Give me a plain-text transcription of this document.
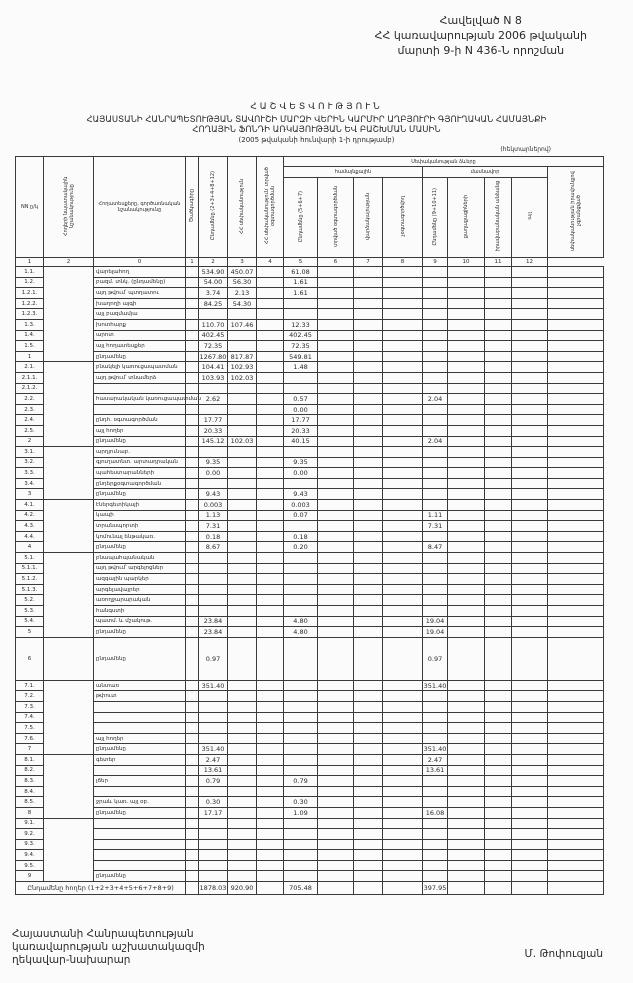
Հավելված N 8
ՀՀ կառավարության 2006 թվականի
մարտի 9-ի N 436-Ն որոշման
ՀԱՇՎԵՏՎՈՒԹՅՈՒՆ
ՀԱՅԱՍՏԱՆԻ ՀԱՆՐԱՊԵՏՈՒԹՅԱՆ ՏԱՎՈՒՇԻ ՄԱՐԶԻ ՎԵՐԻՆ ԿԱՐՄԻՐ ԱՂԲՅՈՒՐԻ ԳՅՈՒՂԱԿԱՆ ՀԱՄԱՅՆՔԻ
ՀՈՂԱՅԻՆ ՖՈՆԴԻ ԱՌԿԱՅՈՒԹՅԱՆ ԵՎ ԲԱՇԽՄԱՆ ՄԱՍԻՆ
(2005 թվականի հունվարի 1-ի դրությամբ)
(հեկտարներով)
NN ը/կ	Հողերի նպատակային նշանակությունը	Հողատեսքերը, գործառնական նշանակությունը	Ծածկագիրը	Ընդամենը (2+3+4+8+12)	ՀՀ սեփականություն	ՀՀ սեփականություն՝ տրված օգտագործման	Սեփականության ձևերը								
							համայնքային				մասնավոր				սեփականության իրավունքով չգրանցված
							Ընդամենը (5+6+7)	տրված օգտագործման	վարձակալության	չօգտագործվող	Ընդամենը (9+10+11)	քաղաքացիների	իրավաբանական անձանց	այլ	
1	2	0	1	2	3	4	5	6	7	8	9	10	11	12	
1.1.		վարելահող		534.90	450.07		61.08								
1.2.		բազմ. տնկ. (ընդամենը)		54.00	56.30		1.61								
1.2.1.		այդ թվում՝ պտղատու		3.74	2.13		1.61								
1.2.2.		խաղողի այգի		84.25	54.30										
1.2.3.		այլ բազմամյա													
1.3.		խոտհարք		110.70	107.46		12.33								
1.4.		արոտ		402.45			402.45								
1.5.		այլ հողատեսքեր		72.35			72.35								
1		ընդամենը		1267.80	817.87		549.81								
2.1.		բնակելի կառուցապատման		104.41	102.93		1.48								
2.1.1.		այդ թվում՝ տնամերձ		103.93	102.03										
2.1.2.															
2.2.		հասարակական կառուցապատման		2.62			0.57				2.04				
2.3.							0.00								
2.4.		ընդհ. օգտագործման		17.77			17.77								
2.5.		այլ հողեր		20.33			20.33								
2		ընդամենը		145.12	102.03		40.15				2.04				
3.1.		արդյունաբ.													
3.2.		գյուղատնտ. արտադրական		9.35			9.35								
3.3.		պահեստարանների		0.00			0.00								
3.4.		ընդերքօգտագործման													
3		ընդամենը		9.43			9.43								
4.1.		էներգետիկայի		0.003			0.003								
4.2.		կապի		1.13			0.07				1.11				
4.3.		տրանսպորտի		7.31							7.31				
4.4.		կոմունալ ենթակառ.		0.18			0.18								
4		ընդամենը		8.67			0.20				8.47				
5.1.		բնապահպանական													
5.1.1.		այդ թվում՝ արգելոցներ													
5.1.2.		ազգային պարկեր													
5.1.3.		արգելավայրեր													
5.2.		առողջարարական													
5.3.		հանգստի													
5.4.		պատմ. և մշակութ.		23.84			4.80				19.04				
5		ընդամենը		23.84			4.80				19.04				
6		ընդամենը		0.97							0.97				
7.1.		անտառ		351.40							351.40				
7.2.		թփուտ													
7.3.															
7.4.															
7.5.															
7.6.		այլ հողեր													
7		ընդամենը		351.40							351.40				
8.1.		գետեր		2.47							2.47				
8.2.				13.61							13.61				
8.3.		լճեր		0.79			0.79								
8.4.															
8.5.		ջրաև կառ. այլ օբ.		0.30			0.30								
8		ընդամենը		17.17			1.09				16.08				
9.1.															
9.2.															
9.3.															
9.4.															
9.5.															
9		ընդամենը													
Ընդամենը հողեր (1+2+3+4+5+6+7+8+9)				1878.03	920.90		705.48				397.95				
Հայաստանի Հանրապետության
կառավարության աշխատակազմի
ղեկավար-նախարար	Մ. Թոփուզյան
